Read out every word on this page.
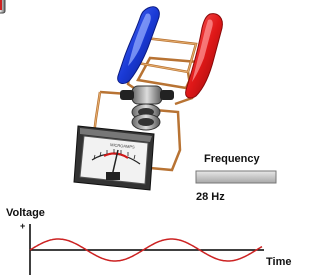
MICROAMPS
Frequency
28 Hz
Voltage
+
Time
